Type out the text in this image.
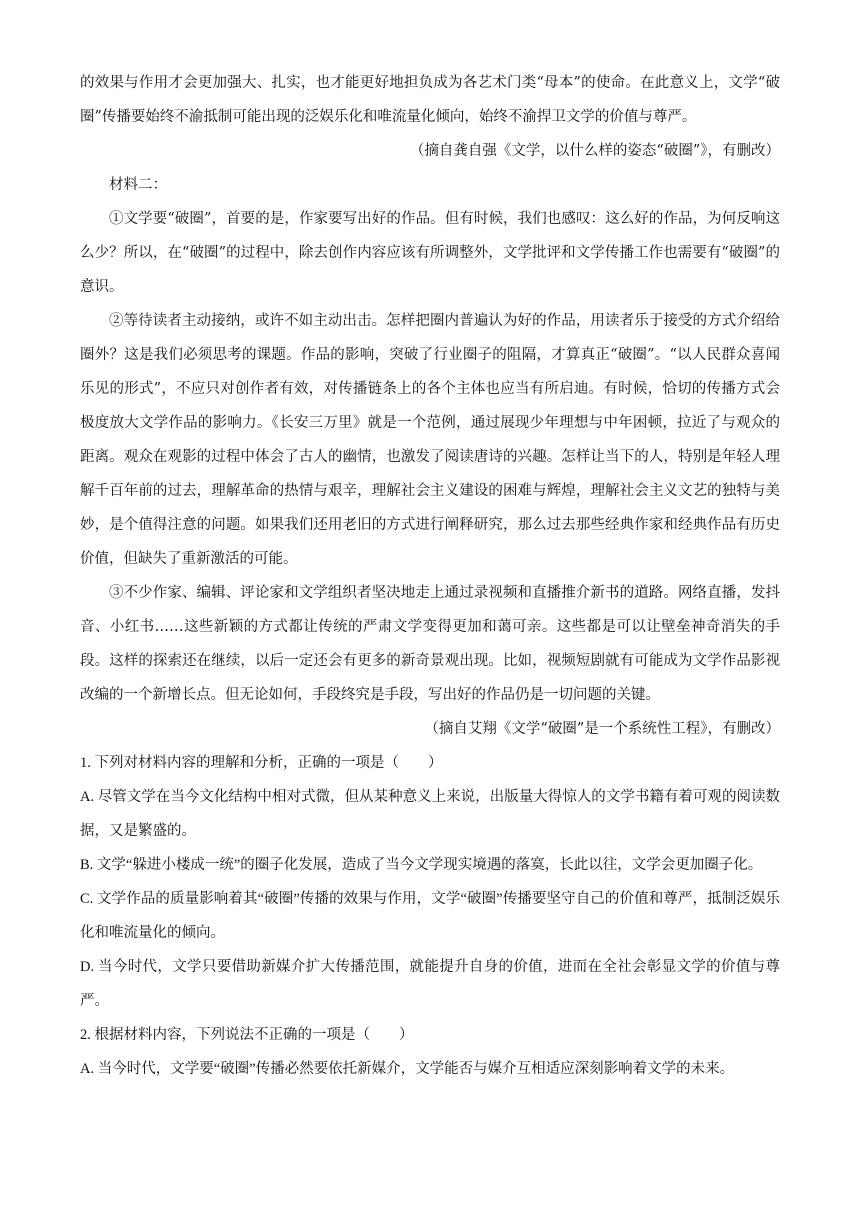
的效果与作用才会更加强大、扎实，也才能更好地担负成为各艺术门类“母本”的使命。在此意义上，文学“破圈”传播要始终不渝抵制可能出现的泛娱乐化和唯流量化倾向，始终不渝捍卫文学的价值与尊严。

（摘自龚自强《文学，以什么样的姿态“破圈”》，有删改）

材料二：

①文学要“破圈”，首要的是，作家要写出好的作品。但有时候，我们也感叹：这么好的作品，为何反响这么少？所以，在“破圈”的过程中，除去创作内容应该有所调整外，文学批评和文学传播工作也需要有“破圈”的意识。

②等待读者主动接纳，或许不如主动出击。怎样把圈内普遍认为好的作品，用读者乐于接受的方式介绍给圈外？这是我们必须思考的课题。作品的影响，突破了行业圈子的阻隔，才算真正“破圈”。“以人民群众喜闻乐见的形式”，不应只对创作者有效，对传播链条上的各个主体也应当有所启迪。有时候，恰切的传播方式会极度放大文学作品的影响力。《长安三万里》就是一个范例，通过展现少年理想与中年困顿，拉近了与观众的距离。观众在观影的过程中体会了古人的幽情，也激发了阅读唐诗的兴趣。怎样让当下的人，特别是年轻人理解千百年前的过去，理解革命的热情与艰辛，理解社会主义建设的困难与辉煌，理解社会主义文艺的独特与美妙，是个值得注意的问题。如果我们还用老旧的方式进行阐释研究，那么过去那些经典作家和经典作品有历史价值，但缺失了重新激活的可能。

③不少作家、编辑、评论家和文学组织者坚决地走上通过录视频和直播推介新书的道路。网络直播，发抖音、小红书……这些新颖的方式都让传统的严肃文学变得更加和蔼可亲。这些都是可以让壁垒神奇消失的手段。这样的探索还在继续，以后一定还会有更多的新奇景观出现。比如，视频短剧就有可能成为文学作品影视改编的一个新增长点。但无论如何，手段终究是手段，写出好的作品仍是一切问题的关键。

（摘自艾翔《文学“破圈”是一个系统性工程》，有删改）

1. 下列对材料内容的理解和分析，正确的一项是（　　）

A. 尽管文学在当今文化结构中相对式微，但从某种意义上来说，出版量大得惊人的文学书籍有着可观的阅读数据，又是繁盛的。

B. 文学“躲进小楼成一统”的圈子化发展，造成了当今文学现实境遇的落寞，长此以往，文学会更加圈子化。

C. 文学作品的质量影响着其“破圈”传播的效果与作用，文学“破圈”传播要坚守自己的价值和尊严，抵制泛娱乐化和唯流量化的倾向。

D. 当今时代，文学只要借助新媒介扩大传播范围，就能提升自身的价值，进而在全社会彰显文学的价值与尊严。

2. 根据材料内容，下列说法不正确的一项是（　　）

A. 当今时代，文学要“破圈”传播必然要依托新媒介，文学能否与媒介互相适应深刻影响着文学的未来。
